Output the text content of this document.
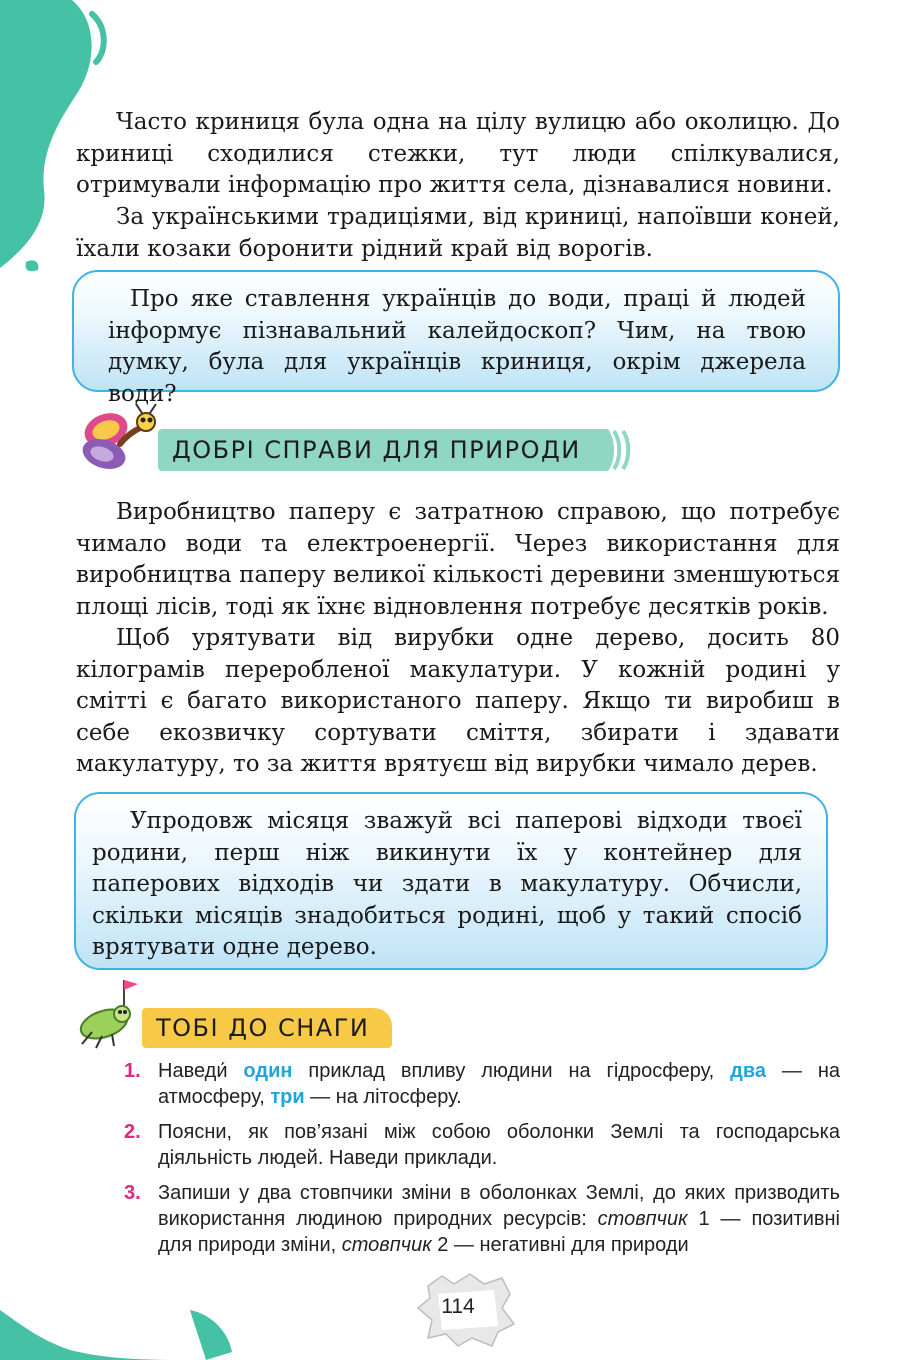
Часто криниця була одна на цілу вулицю або околицю. До криниці сходилися стежки, тут люди спілкувалися, отримували інформацію про життя села, дізнавалися новини.

За українськими традиціями, від криниці, напоївши коней, їхали козаки боронити рідний край від ворогів.

Про яке ставлення українців до води, праці й людей інформує пізнавальний калейдоскоп? Чим, на твою думку, була для українців криниця, окрім джерела води?

ДОБРІ СПРАВИ ДЛЯ ПРИРОДИ

Виробництво паперу є затратною справою, що потребує чимало води та електроенергії. Через використання для виробництва паперу великої кількості деревини зменшуються площі лісів, тоді як їхнє відновлення потребує десятків років.

Щоб урятувати від вирубки одне дерево, досить 80 кілограмів переробленої макулатури. У кожній родині у смітті є багато використаного паперу. Якщо ти виробиш в себе екозвичку сортувати сміття, збирати і здавати макулатуру, то за життя врятуєш від вирубки чимало дерев.

Упродовж місяця зважуй всі паперові відходи твоєї родини, перш ніж викинути їх у контейнер для паперових відходів чи здати в макулатуру. Обчисли, скільки місяців знадобиться родині, щоб у такий спосіб врятувати одне дерево.

ТОБІ ДО СНАГИ
1. Наведи́ один приклад впливу людини на гідросферу, два — на атмосферу, три — на літосферу.
2. Поясни, як пов’язані між собою оболонки Землі та господарська діяльність людей. Наведи приклади.
3. Запиши у два стовпчики зміни в оболонках Землі, до яких призводить використання людиною природних ресурсів: стовпчик 1 — позитивні для природи зміни, стовпчик 2 — негативні для природи
114
